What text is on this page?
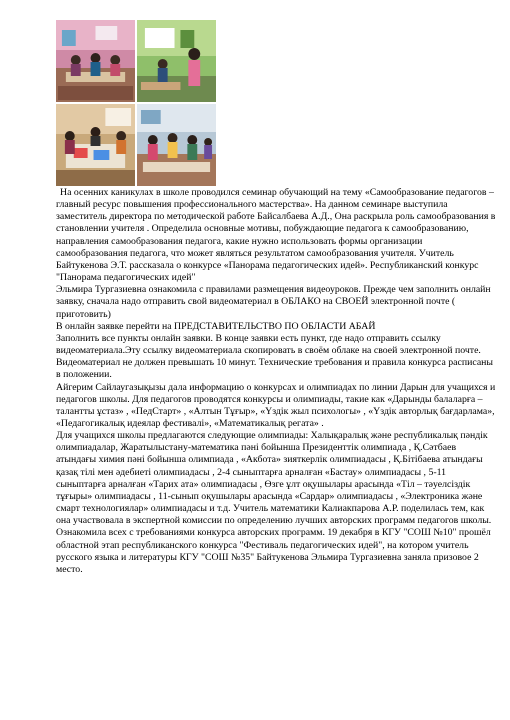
На осенних каникулах в школе проводился семинар обучающий на тему «Самообразование педагогов – главный ресурс повышения профессионального мастерства». На данном семинаре выступила заместитель директора по методической работе Байсалбаева А.Д., Она раскрыла роль самообразования в становлении учителя . Определила основные мотивы, побуждающие педагога к самообразованию, направления самообразования педагога, какие нужно использовать формы организации самообразования педагога, что может являться результатом самообразования учителя. Учитель Байтукенова Э.Т. рассказала о конкурсе «Панорама педагогических идей». Республиканский конкурс "Панорама педагогических идей"

Эльмира Тургазиевна ознакомила с правилами размещения видеоуроков. Прежде чем заполнить онлайн заявку, сначала надо отправить свой видеоматериал в ОБЛАКО на СВОЕЙ электронной почте ( приготовить)

В онлайн заявке перейти на ПРЕДСТАВИТЕЛЬСТВО ПО ОБЛАСТИ АБАЙ

Заполнить все пункты онлайн заявки. В конце заявки есть пункт, где надо отправить ссылку видеоматериала.Эту ссылку видеоматериала скопировать в своём облаке на своей электронной почте. Видеоматериал не должен превышать 10 минут. Технические требования и правила конкурса расписаны в положении.

Айгерим Сайлаугазықызы дала информацию о конкурсах и олимпиадах по линии Дарын для учащихся и педагогов школы. Для педагогов проводятся конкурсы и олимпиады, такие как «Дарынды балаларға – талантты ұстаз» , «ПедСтарт» , «Алтын Тұғыр», «Үздік жыл психологы» , «Үздік авторлық бағдарлама», «Педагогикалық идеялар фестивалі», «Математикалық регата» .

Для учащихся школы предлагаются следующие олимпиады: Халықаралық және республикалық пәндік олимпиадалар, Жаратылыстану-математика пәні бойынша Президенттік олимпиада , Қ.Сәтбаев атындағы химия пәні бойынша олимпиада , «Акбота» зияткерлік олимпиадасы , Қ.Бітібаева атындағы қазақ тілі мен әдебиеті олимпиадасы , 2-4 сыныптарға арналған «Бастау» олимпиадасы , 5-11 сыныптарға арналған «Тарих ата» олимпиадасы , Өзге ұлт оқушылары арасында «Тіл – тәуелсіздік тұғыры» олимпиадасы , 11-сынып оқушылары арасында «Сардар» олимпиадасы , «Электроника және смарт технологиялар» олимпиадасы и т.д. Учитель математики Калиакпарова А.Р. поделилась тем, как она участвовала в экспертной комиссии по определению лучших авторских программ педагогов школы. Ознакомила всех с требованиями конкурса авторских программ. 19 декабря в КГУ "СОШ №10" прошёл областной этап республиканского конкурса "Фестиваль педагогических идей", на котором учитель русского языка и литературы КГУ "СОШ №35" Байтукенова Эльмира Тургазиевна заняла призовое 2 место.
